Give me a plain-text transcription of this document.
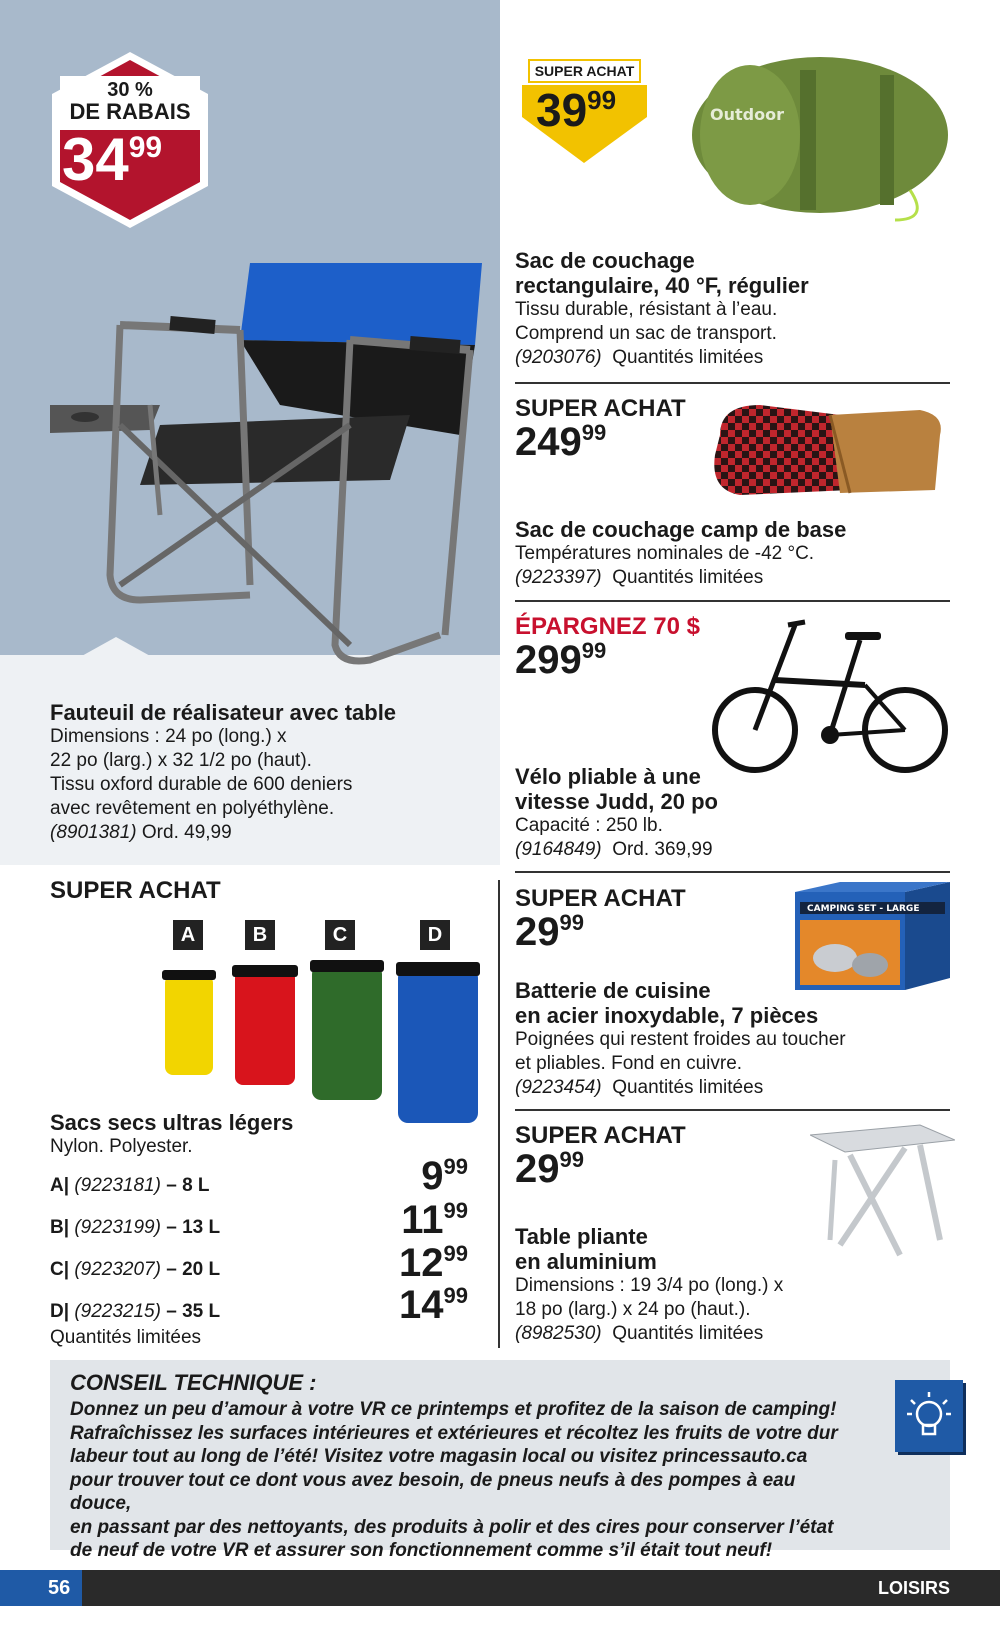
30 %
DE RABAIS
3499
Fauteuil de réalisateur avec table
Dimensions : 24 po (long.) x
22 po (larg.) x 32 1/2 po (haut).
Tissu oxford durable de 600 deniers
avec revêtement en polyéthylène.
(8901381) Ord. 49,99
SUPER ACHAT
A	B	C	D
Sacs secs ultras légers
Nylon. Polyester.
A| (9223181) – 8 L	999
B| (9223199) – 13 L	1199
C| (9223207) – 20 L	1299
D| (9223215) – 35 L	1499
Quantités limitées
SUPER ACHAT
3999	Outdoor
Sac de couchage
rectangulaire, 40 °F, régulier
Tissu durable, résistant à l’eau.
Comprend un sac de transport.
(9203076) Quantités limitées
SUPER ACHAT
24999
Sac de couchage camp de base
Températures nominales de -42 °C.
(9223397) Quantités limitées
ÉPARGNEZ 70 $
29999
Vélo pliable à une
vitesse Judd, 20 po
Capacité : 250 lb.
(9164849) Ord. 369,99
SUPER ACHAT
2999
CAMPING SET - LARGE
Batterie de cuisine
en acier inoxydable, 7 pièces
Poignées qui restent froides au toucher
et pliables. Fond en cuivre.
(9223454) Quantités limitées
SUPER ACHAT
2999
Table pliante
en aluminium
Dimensions : 19 3/4 po (long.) x
18 po (larg.) x 24 po (haut.).
(8982530) Quantités limitées
CONSEIL TECHNIQUE :
Donnez un peu d’amour à votre VR ce printemps et profitez de la saison de camping!
Rafraîchissez les surfaces intérieures et extérieures et récoltez les fruits de votre dur
labeur tout au long de l’été! Visitez votre magasin local ou visitez princessauto.ca
pour trouver tout ce dont vous avez besoin, de pneus neufs à des pompes à eau douce,
en passant par des nettoyants, des produits à polir et des cires pour conserver l’état
de neuf de votre VR et assurer son fonctionnement comme s’il était tout neuf!
56	LOISIRS
